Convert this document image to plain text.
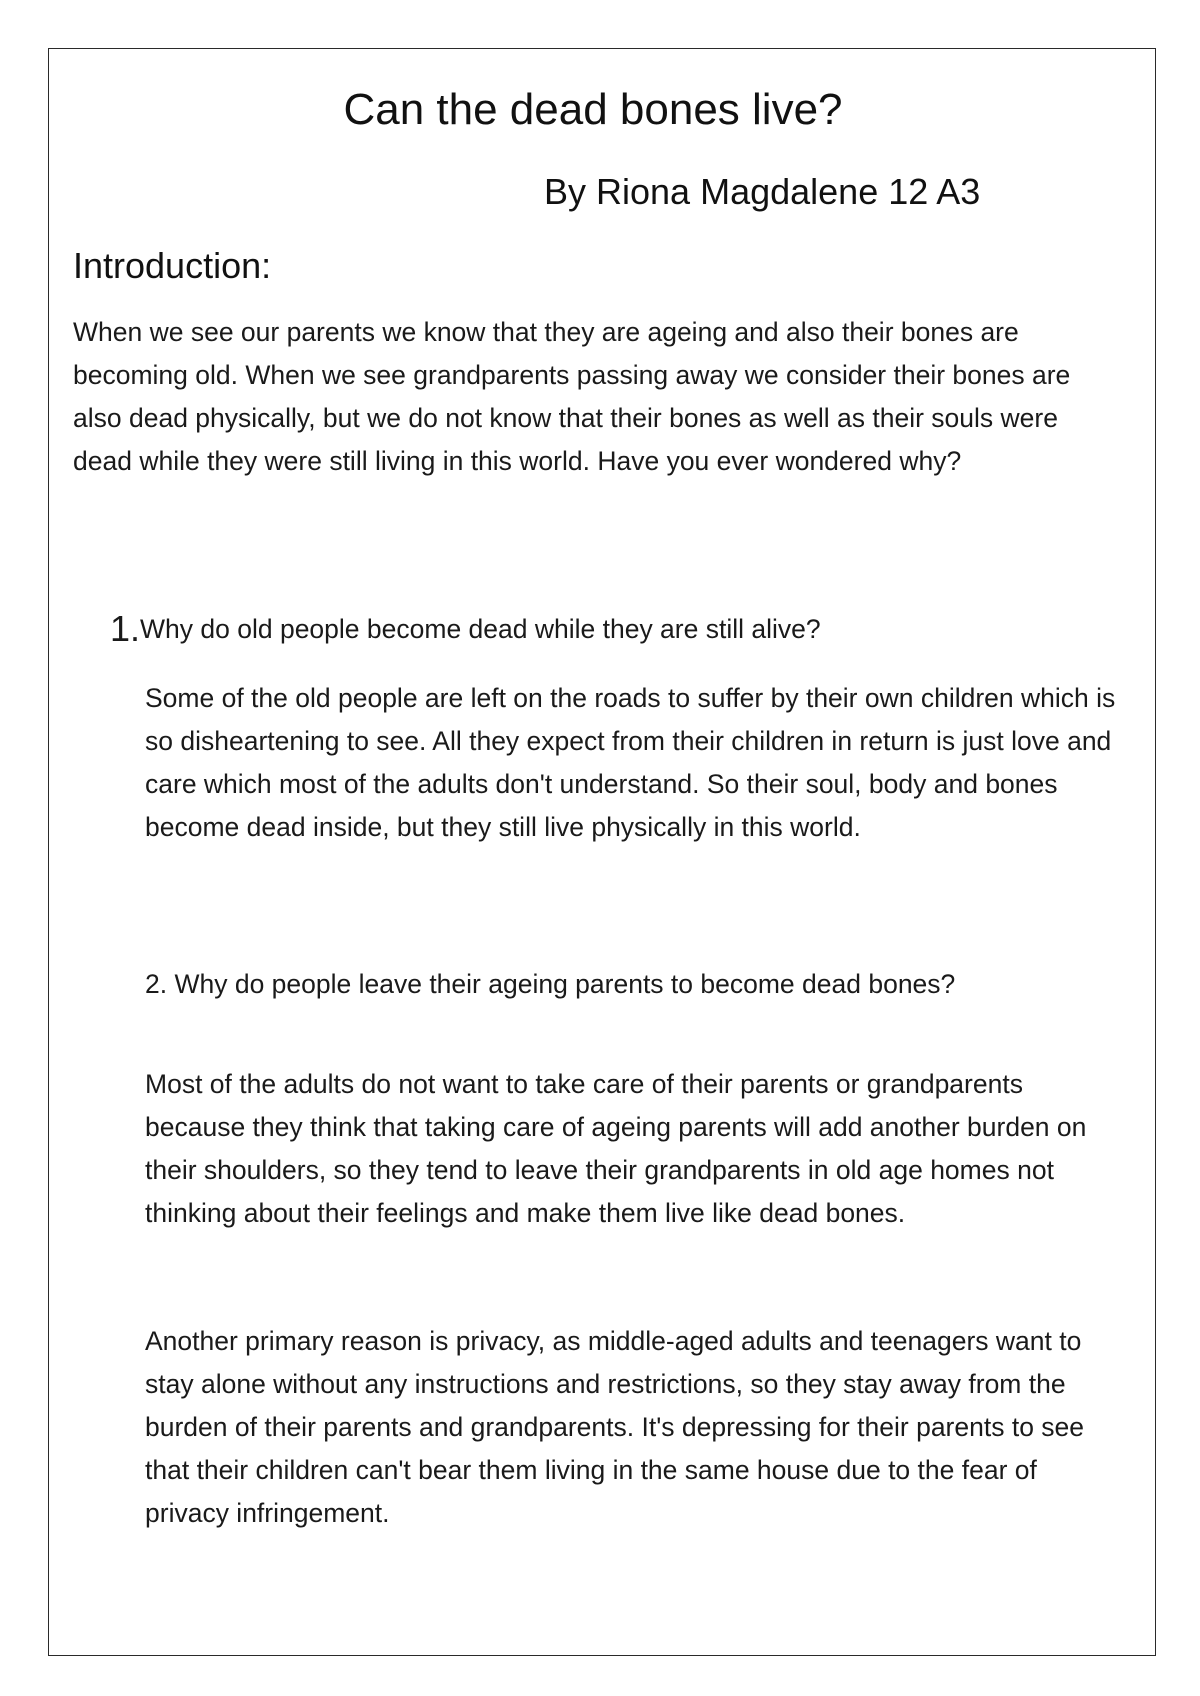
Can the dead bones live?
By Riona Magdalene 12 A3
Introduction:

When we see our parents we know that they are ageing and also their bones are becoming old. When we see grandparents passing away we consider their bones are also dead physically, but we do not know that their bones as well as their souls were dead while they were still living in this world. Have you ever wondered why?

1.Why do old people become dead while they are still alive?

Some of the old people are left on the roads to suffer by their own children which is so disheartening to see. All they expect from their children in return is just love and care which most of the adults don't understand. So their soul, body and bones become dead inside, but they still live physically in this world.

2. Why do people leave their ageing parents to become dead bones?

Most of the adults do not want to take care of their parents or grandparents because they think that taking care of ageing parents will add another burden on their shoulders, so they tend to leave their grandparents in old age homes not thinking about their feelings and make them live like dead bones.

Another primary reason is privacy, as middle-aged adults and teenagers want to stay alone without any instructions and restrictions, so they stay away from the burden of their parents and grandparents. It's depressing for their parents to see that their children can't bear them living in the same house due to the fear of privacy infringement.
